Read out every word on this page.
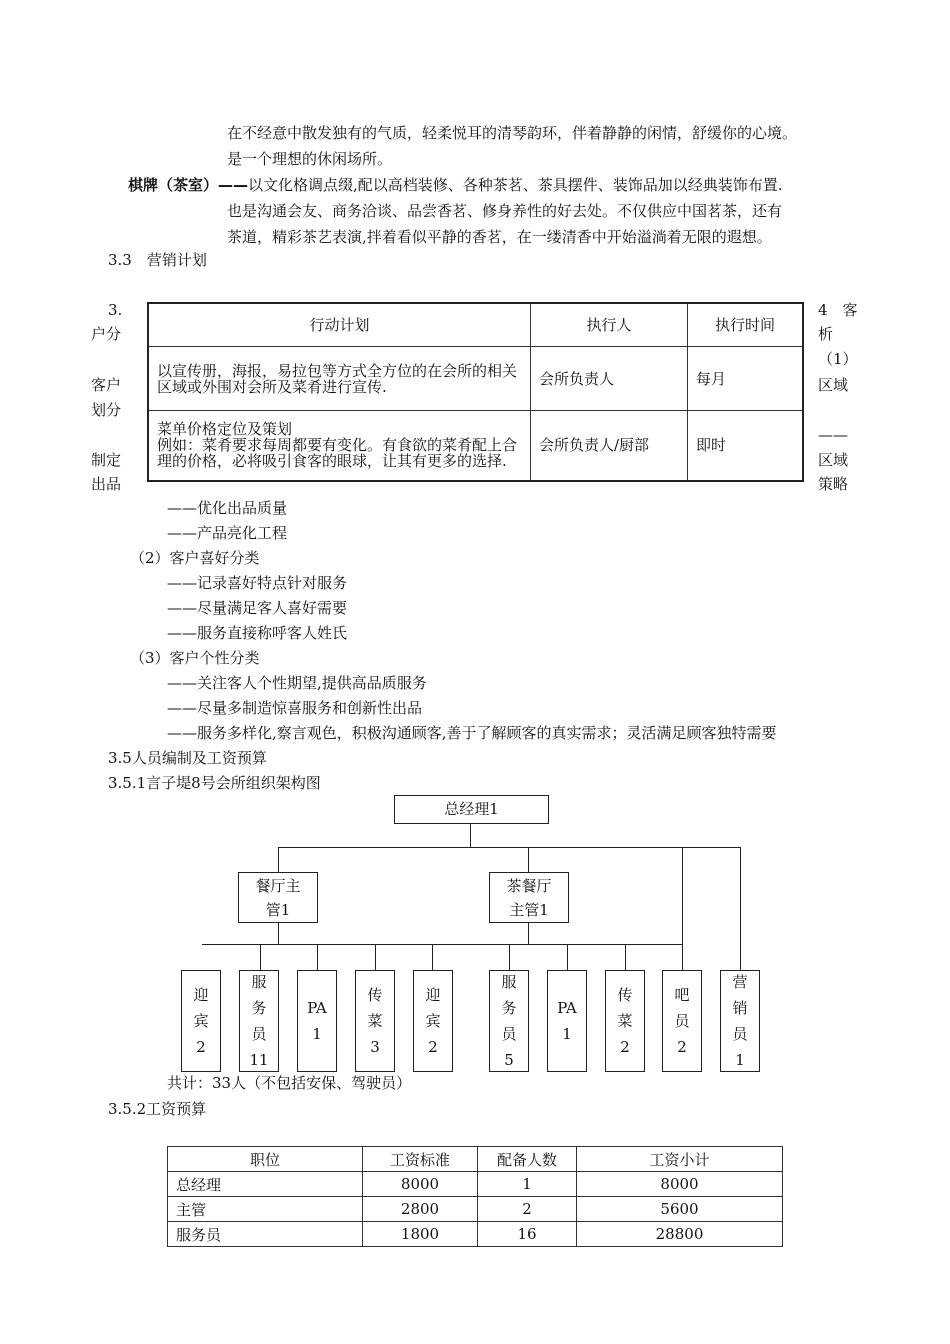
在不经意中散发独有的气质，轻柔悦耳的清琴韵环，伴着静静的闲情，舒缓你的心境。
是一个理想的休闲场所。
棋牌（茶室）——以文化格调点缀,配以高档装修、各种茶茗、茶具摆件、装饰品加以经典装饰布置.
也是沟通会友、商务洽谈、品尝香茗、修身养性的好去处。不仅供应中国茗茶，还有
茶道，精彩茶艺表演,拌着看似平静的香茗，在一缕清香中开始溢淌着无限的遐想。
3.3　营销计划
3.
户分
客户
划分
制定
出品
4　客
析
（1）
区域
——
区域
策略
行动计划	执行人	执行时间
以宣传册，海报，易拉包等方式全方位的在会所的相关区域或外围对会所及菜肴进行宣传.	会所负责人	每月
菜单价格定位及策划
例如：菜肴要求每周都要有变化。有食欲的菜肴配上合理的价格，必将吸引食客的眼球，让其有更多的选择.	会所负责人/厨部	即时
——优化出品质量
——产品亮化工程
（2）客户喜好分类
——记录喜好特点针对服务
——尽量满足客人喜好需要
——服务直接称呼客人姓氏
（3）客户个性分类
——关注客人个性期望,提供高品质服务
——尽量多制造惊喜服务和创新性出品
——服务多样化,察言观色，积极沟通顾客,善于了解顾客的真实需求；灵活满足顾客独特需要
3.5人员编制及工资预算
3.5.1言子堤8号会所组织架构图
总经理1
餐厅主
管1
茶餐厅
主管1
迎
宾
2
服
务
员
11
PA
1
传
菜
3
迎
宾
2
服
务
员
5
PA
1
传
菜
2
吧
员
2
营
销
员
1
共计：33人（不包括安保、驾驶员）
3.5.2工资预算
职位	工资标准	配备人数	工资小计
总经理	8000	1	8000
主管	2800	2	5600
服务员	1800	16	28800
